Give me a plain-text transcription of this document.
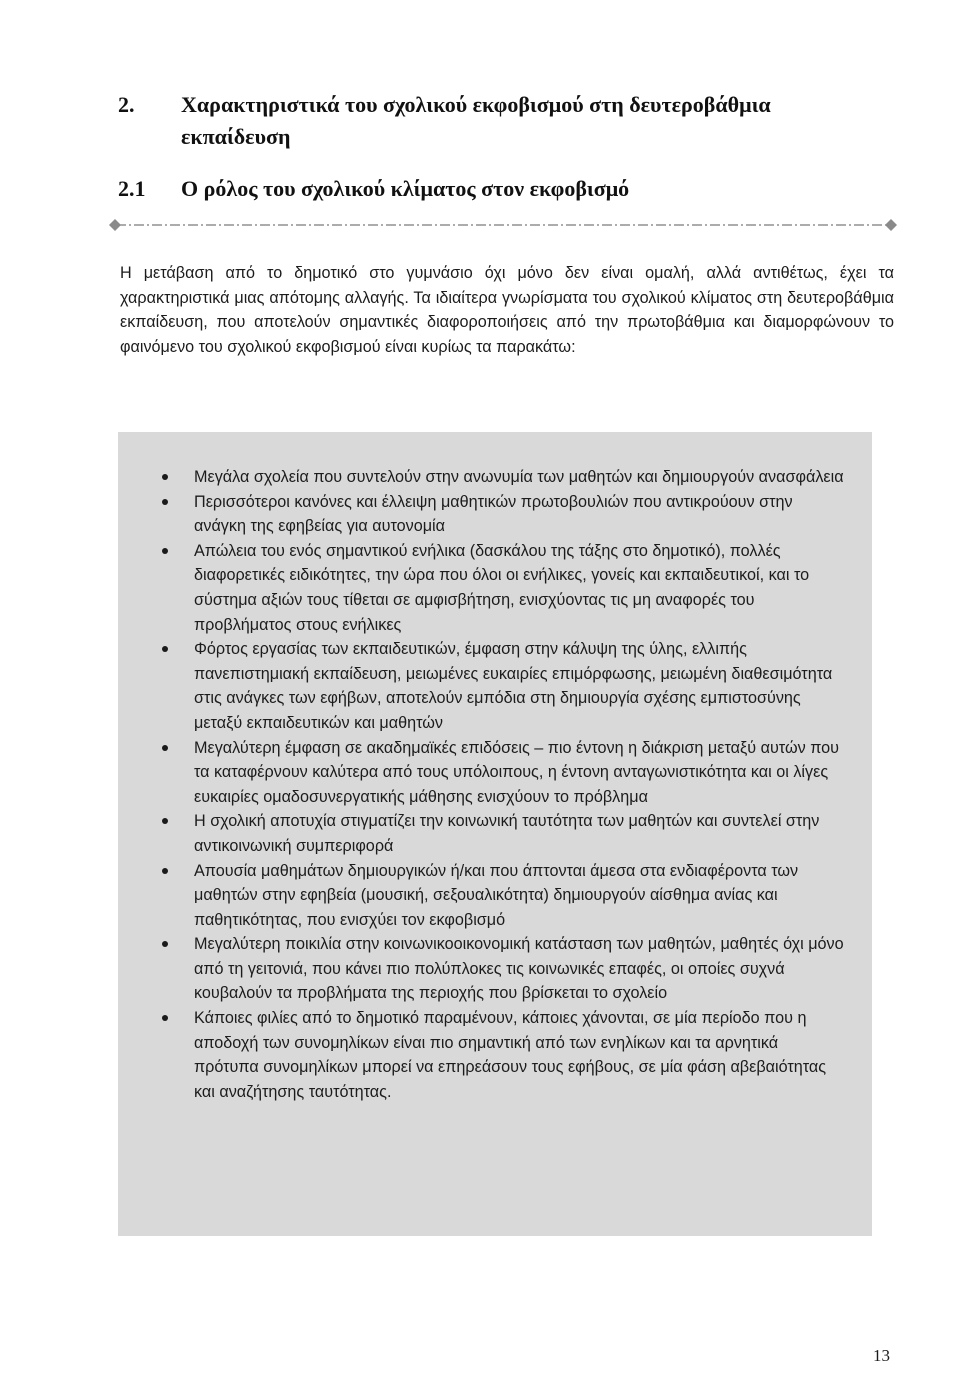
2.	Χαρακτηριστικά του σχολικού εκφοβισμού στη δευτεροβάθμια εκπαίδευση
2.1	Ο ρόλος του σχολικού κλίματος στον εκφοβισμό

Η μετάβαση από το δημοτικό στο γυμνάσιο όχι μόνο δεν είναι ομαλή, αλλά αντιθέτως, έχει τα χαρακτηριστικά μιας απότομης αλλαγής. Τα ιδιαίτερα γνωρίσματα του σχολικού κλίματος στη δευτεροβάθμια εκπαίδευση, που αποτελούν σημαντικές διαφοροποιήσεις από την πρωτοβάθμια και διαμορφώνουν το φαινόμενο του σχολικού εκφοβισμού είναι κυρίως τα παρακάτω:

Μεγάλα σχολεία που συντελούν στην ανωνυμία των μαθητών και δημιουργούν ανασφάλεια
Περισσότεροι κανόνες και έλλειψη μαθητικών πρωτοβουλιών που αντικρούουν στην ανάγκη της εφηβείας για αυτονομία
Απώλεια του ενός σημαντικού ενήλικα (δασκάλου της τάξης στο δημοτικό), πολλές διαφορετικές ειδικότητες, την ώρα που όλοι οι ενήλικες, γονείς και εκπαιδευτικοί, και το σύστημα αξιών τους τίθεται σε αμφισβήτηση, ενισχύοντας τις μη αναφορές του προβλήματος στους ενήλικες
Φόρτος εργασίας των εκπαιδευτικών, έμφαση στην κάλυψη της ύλης, ελλιπής πανεπιστημιακή εκπαίδευση, μειωμένες ευκαιρίες επιμόρφωσης, μειωμένη διαθεσιμότητα στις ανάγκες των εφήβων, αποτελούν εμπόδια στη δημιουργία σχέσης εμπιστοσύνης μεταξύ εκπαιδευτικών και μαθητών
Μεγαλύτερη έμφαση σε ακαδημαϊκές επιδόσεις – πιο έντονη η διάκριση μεταξύ αυτών που τα καταφέρνουν καλύτερα από τους υπόλοιπους, η έντονη ανταγωνιστικότητα και οι λίγες ευκαιρίες ομαδοσυνεργατικής μάθησης ενισχύουν το πρόβλημα
Η σχολική αποτυχία στιγματίζει την κοινωνική ταυτότητα των μαθητών και συντελεί στην αντικοινωνική συμπεριφορά
Απουσία μαθημάτων δημιουργικών ή/και που άπτονται άμεσα στα ενδιαφέροντα των μαθητών στην εφηβεία (μουσική, σεξουαλικότητα) δημιουργούν αίσθημα ανίας και παθητικότητας, που ενισχύει τον εκφοβισμό
Μεγαλύτερη ποικιλία στην κοινωνικοοικονομική κατάσταση των μαθητών, μαθητές όχι μόνο από τη γειτονιά, που κάνει πιο πολύπλοκες τις κοινωνικές επαφές, οι οποίες συχνά κουβαλούν τα προβλήματα της περιοχής που βρίσκεται το σχολείο
Κάποιες φιλίες από το δημοτικό παραμένουν, κάποιες χάνονται, σε μία περίοδο που η αποδοχή των συνομηλίκων είναι πιο σημαντική από των ενηλίκων και τα αρνητικά πρότυπα συνομηλίκων μπορεί να επηρεάσουν τους εφήβους, σε μία φάση αβεβαιότητας και αναζήτησης ταυτότητας.
13
